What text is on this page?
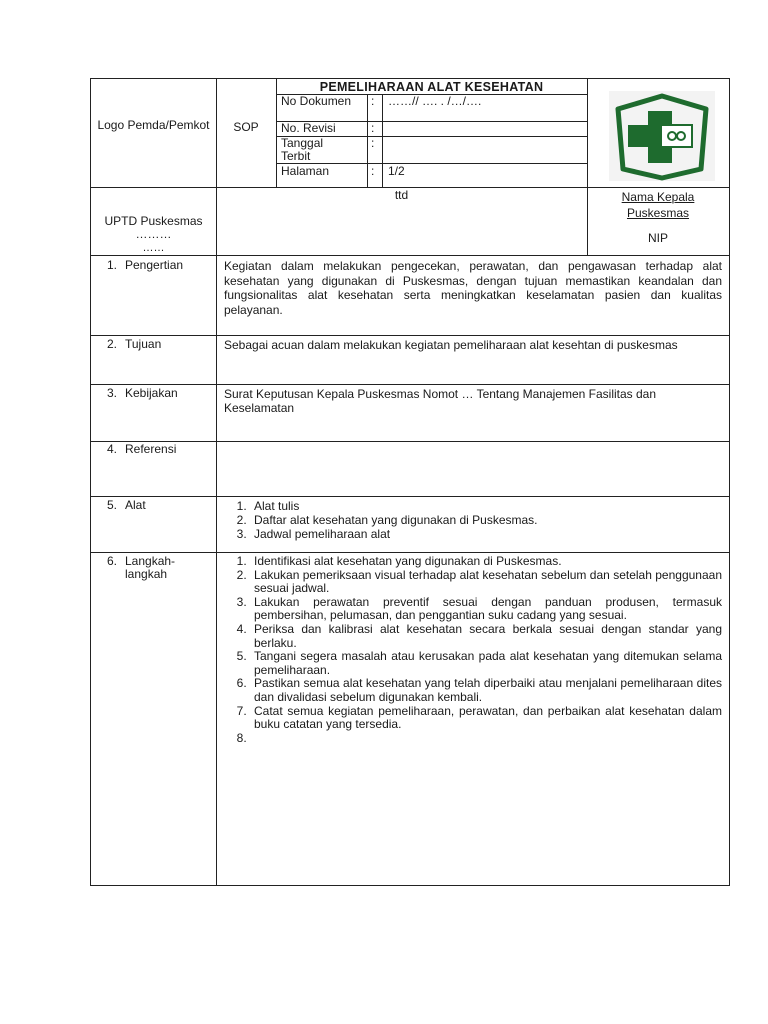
Logo Pemda/Pemkot	SOP
PEMELIHARAAN ALAT KESEHATAN
No Dokumen	: ……// …. . /…/….
No. Revisi	:
Tanggal Terbit
:
Halaman	: 1/2
UPTD Puskesmas ………
……
ttd	Nama Kepala Puskesmas
NIP
1. Pengertian	Kegiatan dalam melakukan pengecekan, perawatan, dan pengawasan terhadap alat kesehatan yang digunakan di Puskesmas, dengan tujuan memastikan keandalan dan fungsionalitas alat kesehatan serta meningkatkan keselamatan pasien dan kualitas pelayanan.
2. Tujuan	Sebagai acuan dalam melakukan kegiatan pemeliharaan alat kesehtan di puskesmas
3. Kebijakan	Surat Keputusan Kepala Puskesmas Nomot … Tentang Manajemen Fasilitas dan Keselamatan
4. Referensi
5. Alat
1.	Alat tulis
2. Daftar alat kesehatan yang digunakan di Puskesmas.
3. Jadwal pemeliharaan alat
6. Langkah-langkah
1. Identifikasi alat kesehatan yang digunakan di Puskesmas.
2. Lakukan pemeriksaan visual terhadap alat kesehatan sebelum dan setelah penggunaan sesuai jadwal.
3. Lakukan perawatan preventif sesuai dengan panduan produsen, termasuk pembersihan, pelumasan, dan penggantian suku cadang yang sesuai.
4. Periksa dan kalibrasi alat kesehatan secara berkala sesuai dengan standar yang berlaku.
5. Tangani segera masalah atau kerusakan pada alat kesehatan yang ditemukan selama pemeliharaan.
6. Pastikan semua alat kesehatan yang telah diperbaiki atau menjalani pemeliharaan dites dan divalidasi sebelum digunakan kembali.
7. Catat semua kegiatan pemeliharaan, perawatan, dan perbaikan alat kesehatan dalam buku catatan yang tersedia.
8.
